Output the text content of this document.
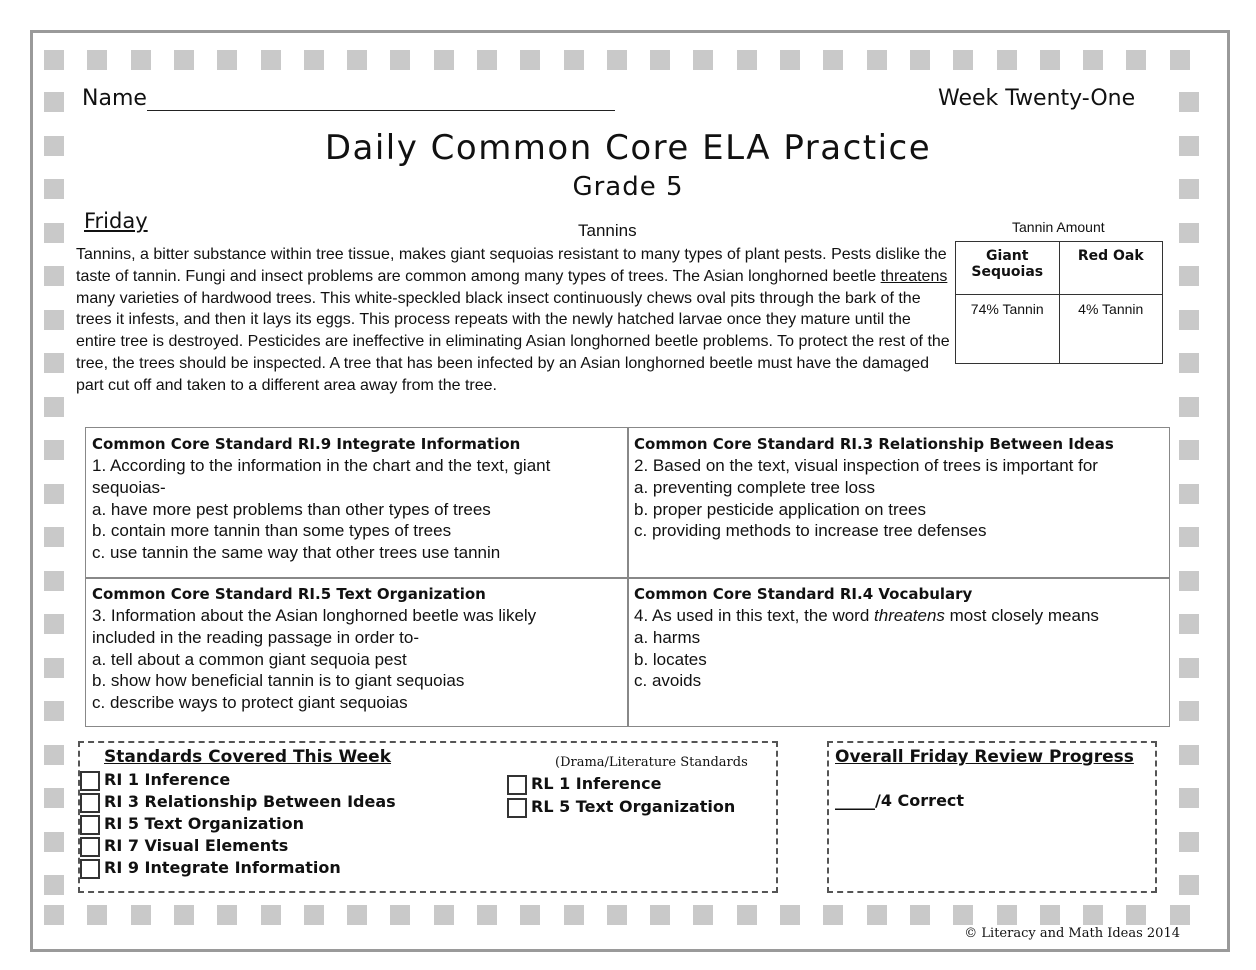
Name	Week Twenty-One
Daily Common Core ELA Practice
Grade 5
Friday	Tannins

Tannins, a bitter substance within tree tissue, makes giant sequoias resistant to many types of plant pests. Pests dislike the taste of tannin. Fungi and insect problems are common among many types of trees. The Asian longhorned beetle threatens many varieties of hardwood trees. This white-speckled black insect continuously chews oval pits through the bark of the trees it infests, and then it lays its eggs. This process repeats with the newly hatched larvae once they mature until the entire tree is destroyed. Pesticides are ineffective in eliminating Asian longhorned beetle problems. To protect the rest of the tree, the trees should be inspected. A tree that has been infected by an Asian longhorned beetle must have the damaged part cut off and taken to a different area away from the tree.

Tannin Amount
Giant Sequoias	Red Oak
74% Tannin	4% Tannin
Common Core Standard RI.9 Integrate Information
1. According to the information in the chart and the text, giant
sequoias-
a. have more pest problems than other types of trees
b. contain more tannin than some types of trees
c. use tannin the same way that other trees use tannin
Common Core Standard RI.3 Relationship Between Ideas
2. Based on the text, visual inspection of trees is important for
a. preventing complete tree loss
b. proper pesticide application on trees
c. providing methods to increase tree defenses
Common Core Standard RI.5 Text Organization
3. Information about the Asian longhorned beetle was likely
included in the reading passage in order to-
a. tell about a common giant sequoia pest
b. show how beneficial tannin is to giant sequoias
c. describe ways to protect giant sequoias
Common Core Standard RI.4 Vocabulary
4. As used in this text, the word threatens most closely means
a. harms
b. locates
c. avoids
Standards Covered This Week
RI 1 Inference
RI 3 Relationship Between Ideas
RI 5 Text Organization
RI 7 Visual Elements
RI 9 Integrate Information
(Drama/Literature Standards
RL 1 Inference
RL 5 Text Organization
Overall Friday Review Progress
_____/4 Correct
© Literacy and Math Ideas 2014
